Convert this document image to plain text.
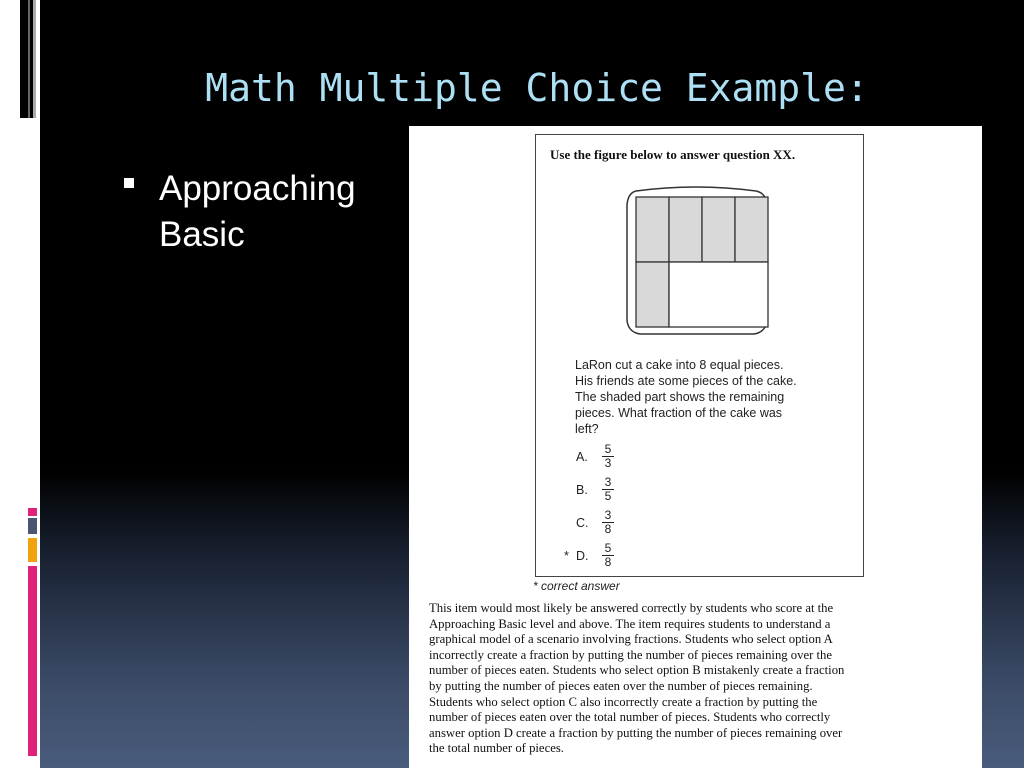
Math Multiple Choice Example:
Approaching Basic
Use the figure below to answer question XX.
LaRon cut a cake into 8 equal pieces.
His friends ate some pieces of the cake.
The shaded part shows the remaining
pieces. What fraction of the cake was
left?
A. $\frac{5}{3}$
B. $\frac{3}{5}$
C. $\frac{3}{8}$
* D. $\frac{5}{8}$
* correct answer
This item would most likely be answered correctly by students who score at the
Approaching Basic level and above. The item requires students to understand a
graphical model of a scenario involving fractions. Students who select option A
incorrectly create a fraction by putting the number of pieces remaining over the
number of pieces eaten. Students who select option B mistakenly create a fraction
by putting the number of pieces eaten over the number of pieces remaining.
Students who select option C also incorrectly create a fraction by putting the
number of pieces eaten over the total number of pieces. Students who correctly
answer option D create a fraction by putting the number of pieces remaining over
the total number of pieces.
